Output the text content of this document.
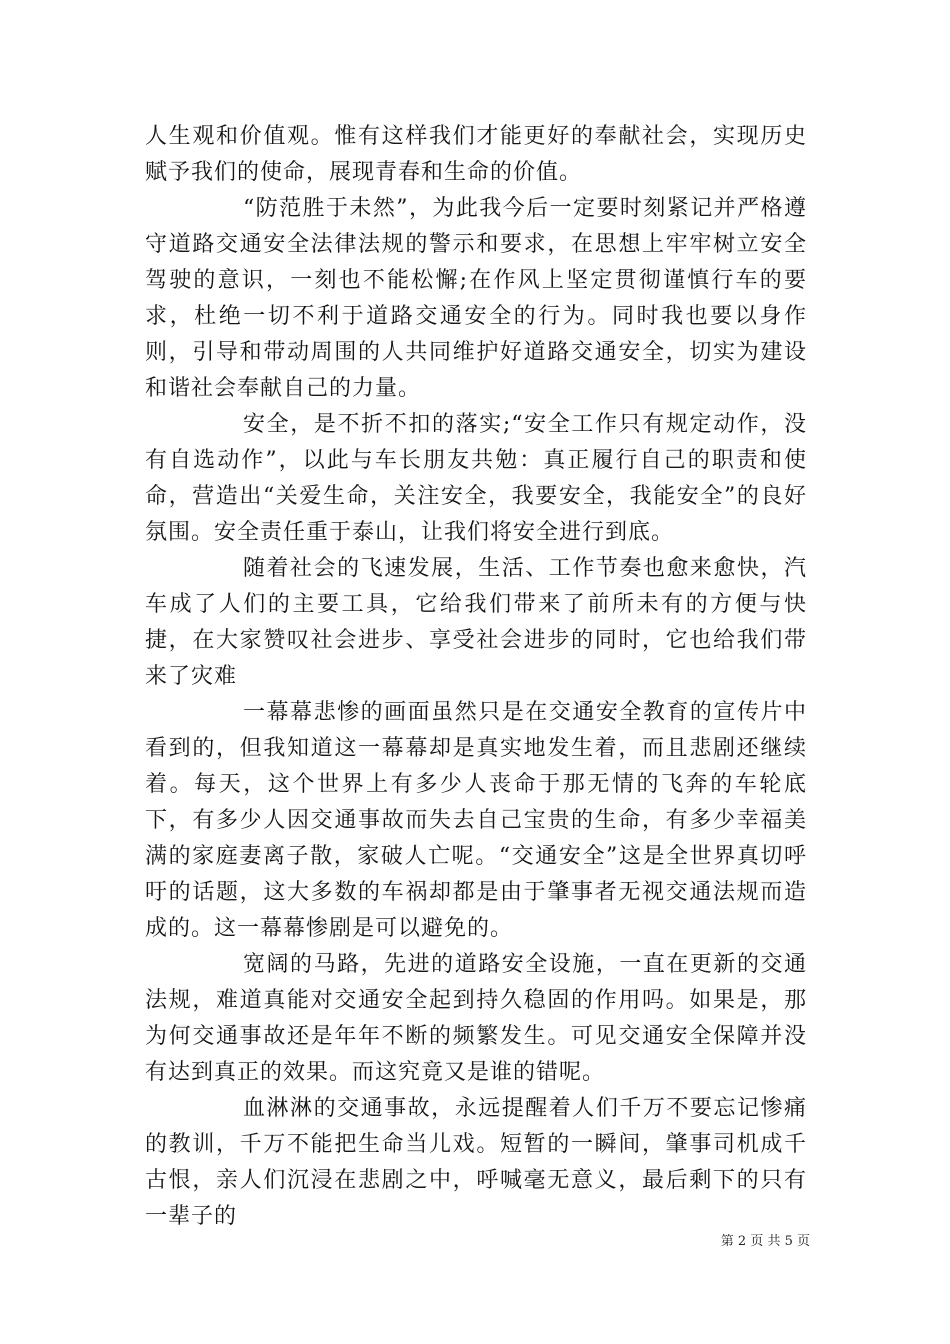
人生观和价值观。惟有这样我们才能更好的奉献社会，实现历史赋予我们的使命，展现青春和生命的价值。

“防范胜于未然”，为此我今后一定要时刻紧记并严格遵守道路交通安全法律法规的警示和要求，在思想上牢牢树立安全驾驶的意识，一刻也不能松懈;在作风上坚定贯彻谨慎行车的要求，杜绝一切不利于道路交通安全的行为。同时我也要以身作则，引导和带动周围的人共同维护好道路交通安全，切实为建设和谐社会奉献自己的力量。

安全，是不折不扣的落实;“安全工作只有规定动作，没有自选动作”，以此与车长朋友共勉：真正履行自己的职责和使命，营造出“关爱生命，关注安全，我要安全，我能安全”的良好氛围。安全责任重于泰山，让我们将安全进行到底。

随着社会的飞速发展，生活、工作节奏也愈来愈快，汽车成了人们的主要工具，它给我们带来了前所未有的方便与快捷，在大家赞叹社会进步、享受社会进步的同时，它也给我们带来了灾难

一幕幕悲惨的画面虽然只是在交通安全教育的宣传片中看到的，但我知道这一幕幕却是真实地发生着，而且悲剧还继续着。每天，这个世界上有多少人丧命于那无情的飞奔的车轮底下，有多少人因交通事故而失去自己宝贵的生命，有多少幸福美满的家庭妻离子散，家破人亡呢。“交通安全”这是全世界真切呼吁的话题，这大多数的车祸却都是由于肇事者无视交通法规而造成的。这一幕幕惨剧是可以避免的。

宽阔的马路，先进的道路安全设施，一直在更新的交通法规，难道真能对交通安全起到持久稳固的作用吗。如果是，那为何交通事故还是年年不断的频繁发生。可见交通安全保障并没有达到真正的效果。而这究竟又是谁的错呢。

血淋淋的交通事故，永远提醒着人们千万不要忘记惨痛的教训，千万不能把生命当儿戏。短暂的一瞬间，肇事司机成千古恨，亲人们沉浸在悲剧之中，呼喊毫无意义，最后剩下的只有一辈子的

第 2 页 共 5 页
